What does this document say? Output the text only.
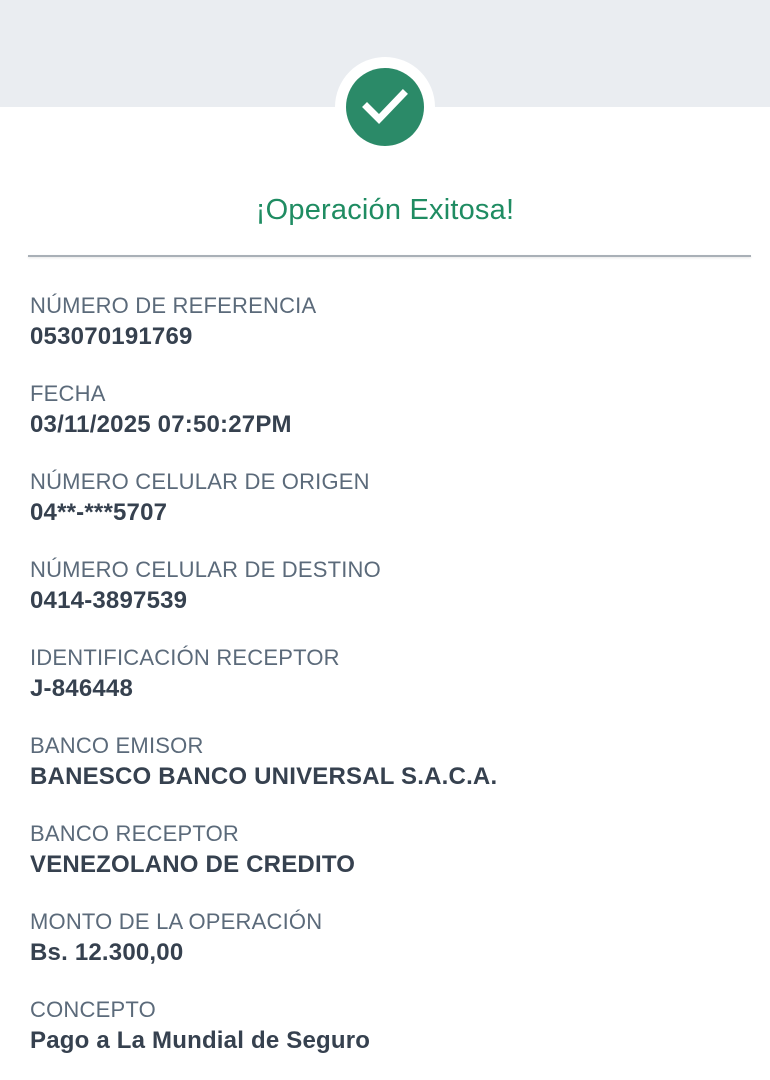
¡Operación Exitosa!
NÚMERO DE REFERENCIA
053070191769
FECHA
03/11/2025 07:50:27PM
NÚMERO CELULAR DE ORIGEN
04**-***5707
NÚMERO CELULAR DE DESTINO
0414-3897539
IDENTIFICACIÓN RECEPTOR
J-846448
BANCO EMISOR
BANESCO BANCO UNIVERSAL S.A.C.A.
BANCO RECEPTOR
VENEZOLANO DE CREDITO
MONTO DE LA OPERACIÓN
Bs. 12.300,00
CONCEPTO
Pago a La Mundial de Seguro
